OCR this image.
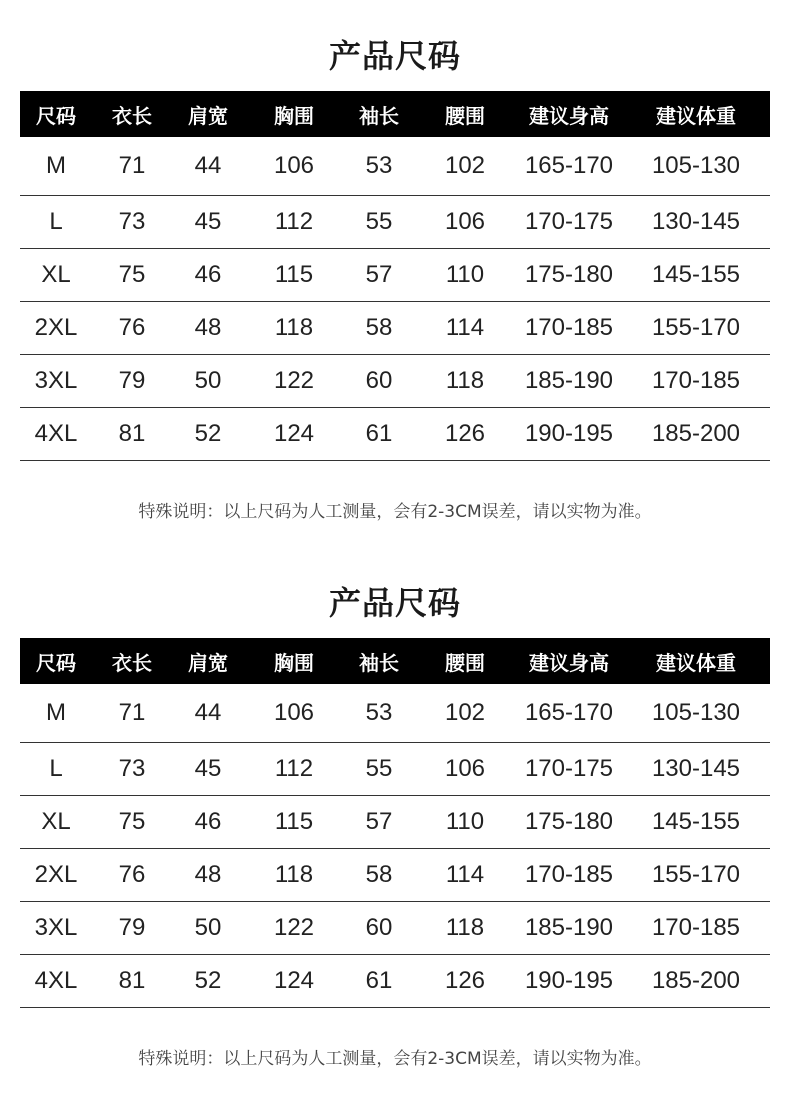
产品尺码
尺码	衣长	肩宽	胸围	袖长	腰围	建议身高	建议体重
M	71	44	106	53	102	165-170	105-130
L	73	45	112	55	106	170-175	130-145
XL	75	46	115	57	110	175-180	145-155
2XL	76	48	118	58	114	170-185	155-170
3XL	79	50	122	60	118	185-190	170-185
4XL	81	52	124	61	126	190-195	185-200
特殊说明：以上尺码为人工测量，会有2-3CM误差，请以实物为准。
产品尺码
尺码	衣长	肩宽	胸围	袖长	腰围	建议身高	建议体重
M	71	44	106	53	102	165-170	105-130
L	73	45	112	55	106	170-175	130-145
XL	75	46	115	57	110	175-180	145-155
2XL	76	48	118	58	114	170-185	155-170
3XL	79	50	122	60	118	185-190	170-185
4XL	81	52	124	61	126	190-195	185-200
特殊说明：以上尺码为人工测量，会有2-3CM误差，请以实物为准。
